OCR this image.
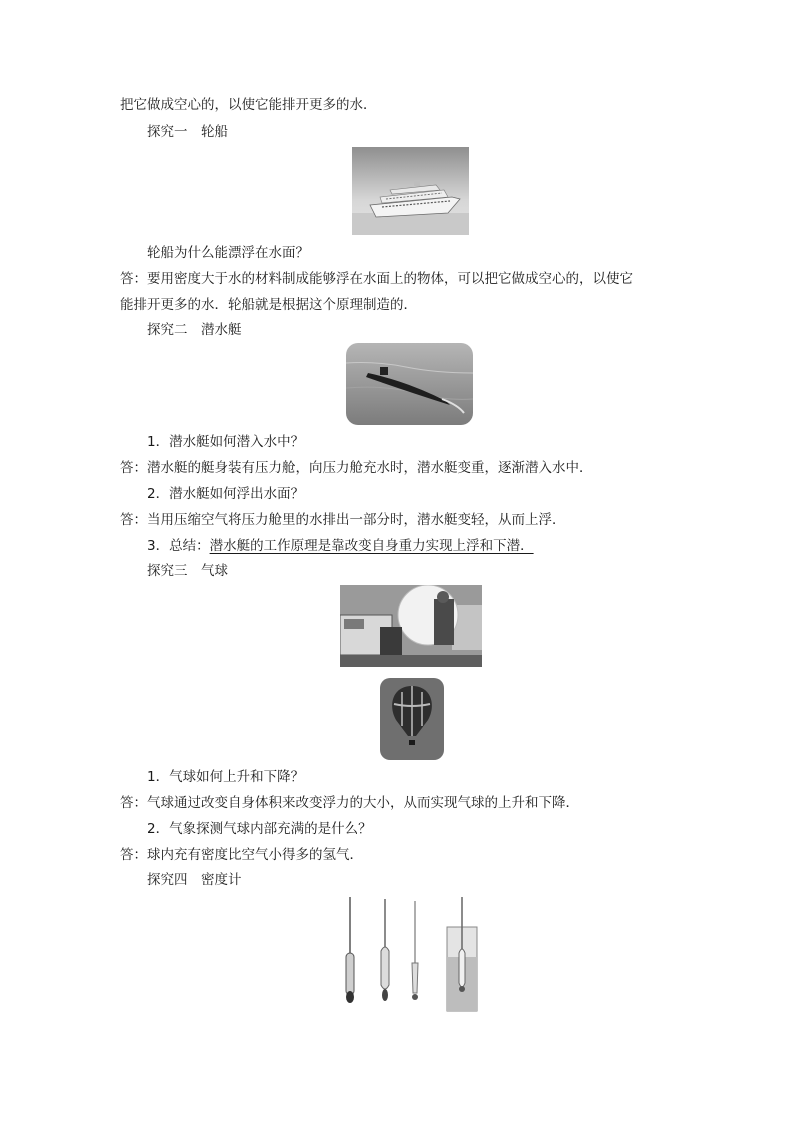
把它做成空心的，以使它能排开更多的水．
探究一　轮船
轮船为什么能漂浮在水面？
答：要用密度大于水的材料制成能够浮在水面上的物体，可以把它做成空心的，以使它
能排开更多的水．轮船就是根据这个原理制造的．
探究二　潜水艇
1．潜水艇如何潜入水中？
答：潜水艇的艇身装有压力舱，向压力舱充水时，潜水艇变重，逐渐潜入水中．
2．潜水艇如何浮出水面？
答：当用压缩空气将压力舱里的水排出一部分时，潜水艇变轻，从而上浮．
3．总结：潜水艇的工作原理是靠改变自身重力实现上浮和下潜．
探究三　气球
1．气球如何上升和下降？
答：气球通过改变自身体积来改变浮力的大小，从而实现气球的上升和下降．
2．气象探测气球内部充满的是什么？
答：球内充有密度比空气小得多的氢气．
探究四　密度计
